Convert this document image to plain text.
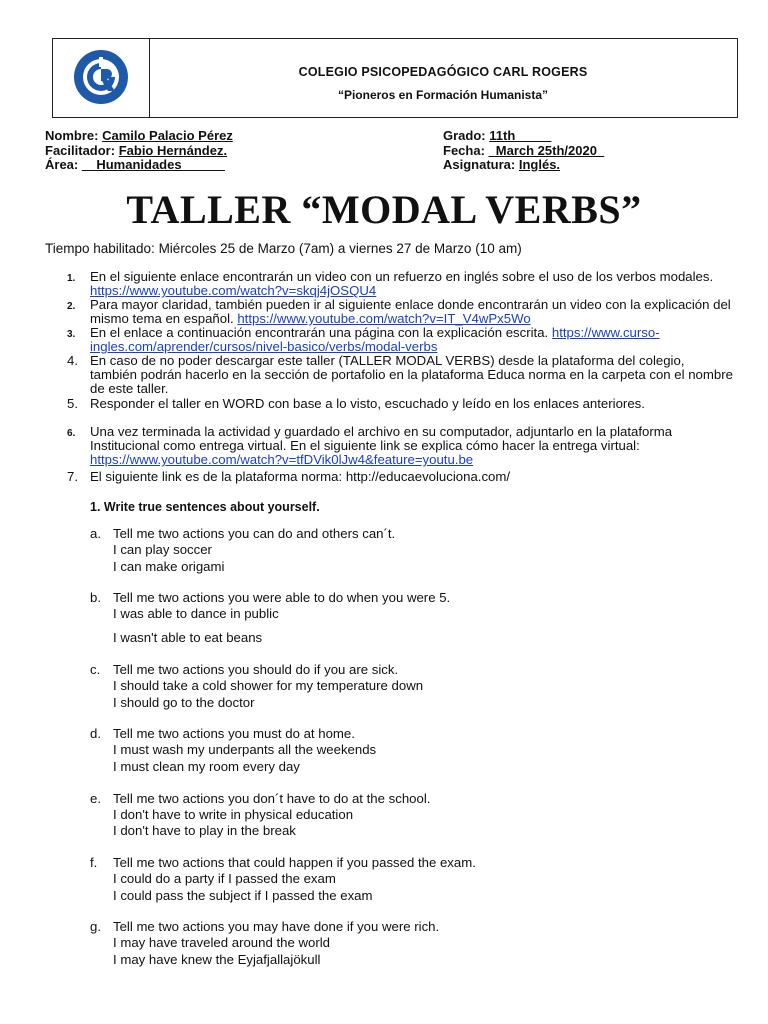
COLEGIO PSICOPEDAGÓGICO CARL ROGERS
“Pioneros en Formación Humanista”
Nombre: Camilo Palacio Pérez
Facilitador: Fabio Hernández.
Área: __Humanidades______
Grado: 11th_____
Fecha: _March 25th/2020_
Asignatura: Inglés.
TALLER “MODAL VERBS”
Tiempo habilitado: Miércoles 25 de Marzo (7am) a viernes 27 de Marzo (10 am)
1. En el siguiente enlace encontrarán un video con un refuerzo en inglés sobre el uso de los verbos modales. https://www.youtube.com/watch?v=skqj4jOSQU4
2. Para mayor claridad, también pueden ir al siguiente enlace donde encontrarán un video con la explicación del mismo tema en español. https://www.youtube.com/watch?v=IT_V4wPx5Wo
3. En el enlace a continuación encontrarán una página con la explicación escrita. https://www.curso-ingles.com/aprender/cursos/nivel-basico/verbs/modal-verbs
4. En caso de no poder descargar este taller (TALLER MODAL VERBS) desde la plataforma del colegio, también podrán hacerlo en la sección de portafolio en la plataforma Educa norma en la carpeta con el nombre de este taller.
5. Responder el taller en WORD con base a lo visto, escuchado y leído en los enlaces anteriores.
6. Una vez terminada la actividad y guardado el archivo en su computador, adjuntarlo en la plataforma Institucional como entrega virtual. En el siguiente link se explica cómo hacer la entrega virtual: https://www.youtube.com/watch?v=tfDVik0lJw4&feature=youtu.be
7. El siguiente link es de la plataforma norma: http://educaevoluciona.com/
1. Write true sentences about yourself.
a. Tell me two actions you can do and others can´t.
I can play soccer
I can make origami
b. Tell me two actions you were able to do when you were 5.
I was able to dance in public
I wasn't able to eat beans
c. Tell me two actions you should do if you are sick.
I should take a cold shower for my temperature down
I should go to the doctor
d. Tell me two actions you must do at home.
I must wash my underpants all the weekends
I must clean my room every day
e. Tell me two actions you don´t have to do at the school.
I don't have to write in physical education
I don't have to play in the break
f. Tell me two actions that could happen if you passed the exam.
I could do a party if I passed the exam
I could pass the subject if I passed the exam
g. Tell me two actions you may have done if you were rich.
I may have traveled around the world
I may have knew the Eyjafjallajökull
